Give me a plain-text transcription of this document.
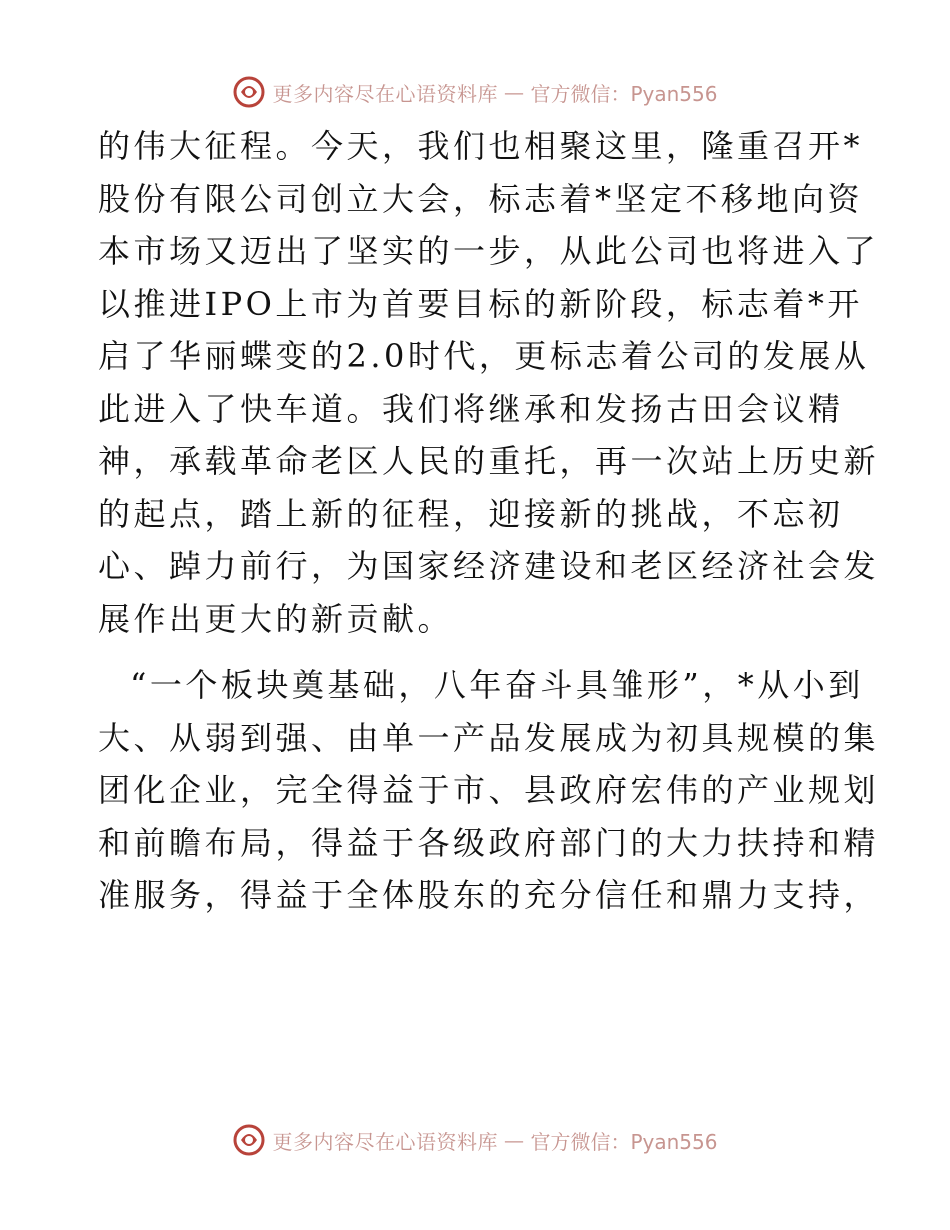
更多内容尽在心语资料库 — 官方微信：Pyan556
的伟大征程。今天，我们也相聚这里，隆重召开*
股份有限公司创立大会，标志着*坚定不移地向资
本市场又迈出了坚实的一步，从此公司也将进入了
以推进IPO上市为首要目标的新阶段，标志着*开
启了华丽蝶变的2.0时代，更标志着公司的发展从
此进入了快车道。我们将继承和发扬古田会议精
神，承载革命老区人民的重托，再一次站上历史新
的起点，踏上新的征程，迎接新的挑战，不忘初
心、踔力前行，为国家经济建设和老区经济社会发
展作出更大的新贡献。
“一个板块奠基础，八年奋斗具雏形”，*从小到
大、从弱到强、由单一产品发展成为初具规模的集
团化企业，完全得益于市、县政府宏伟的产业规划
和前瞻布局，得益于各级政府部门的大力扶持和精
准服务，得益于全体股东的充分信任和鼎力支持，
更多内容尽在心语资料库 — 官方微信：Pyan556
